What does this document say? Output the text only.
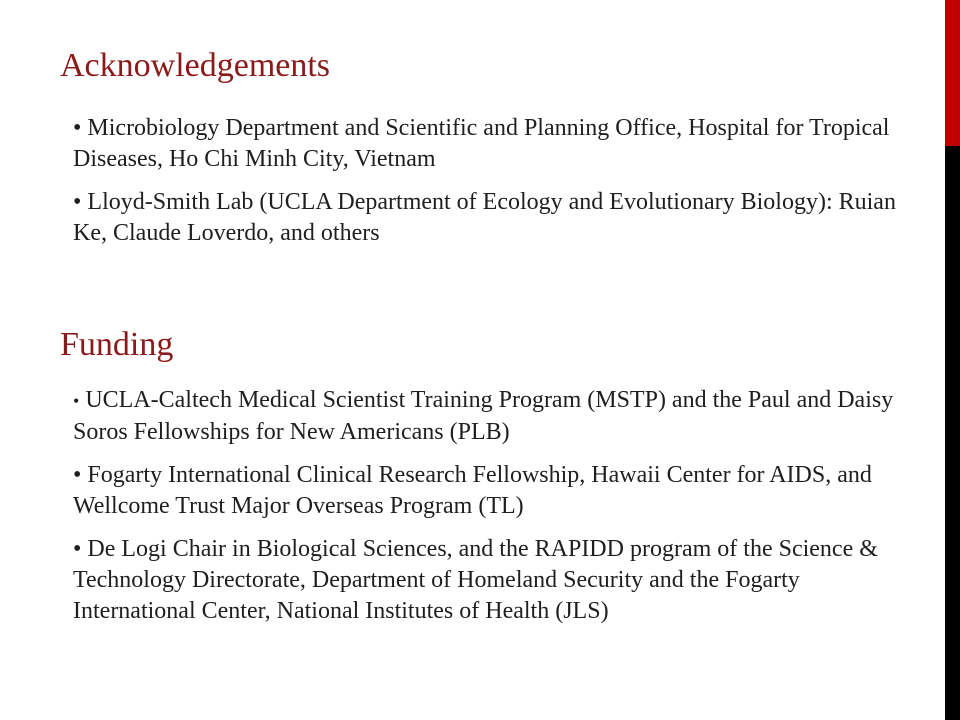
Acknowledgements
• Microbiology Department and Scientific and Planning Office, Hospital for Tropical Diseases, Ho Chi Minh City, Vietnam
• Lloyd-Smith Lab (UCLA Department of Ecology and Evolutionary Biology): Ruian Ke, Claude Loverdo, and others
Funding
• UCLA-Caltech Medical Scientist Training Program (MSTP) and the Paul and Daisy Soros Fellowships for New Americans (PLB)
• Fogarty International Clinical Research Fellowship, Hawaii Center for AIDS, and Wellcome Trust Major Overseas Program (TL)
• De Logi Chair in Biological Sciences, and the RAPIDD program of the Science & Technology Directorate, Department of Homeland Security and the Fogarty International Center, National Institutes of Health (JLS)
